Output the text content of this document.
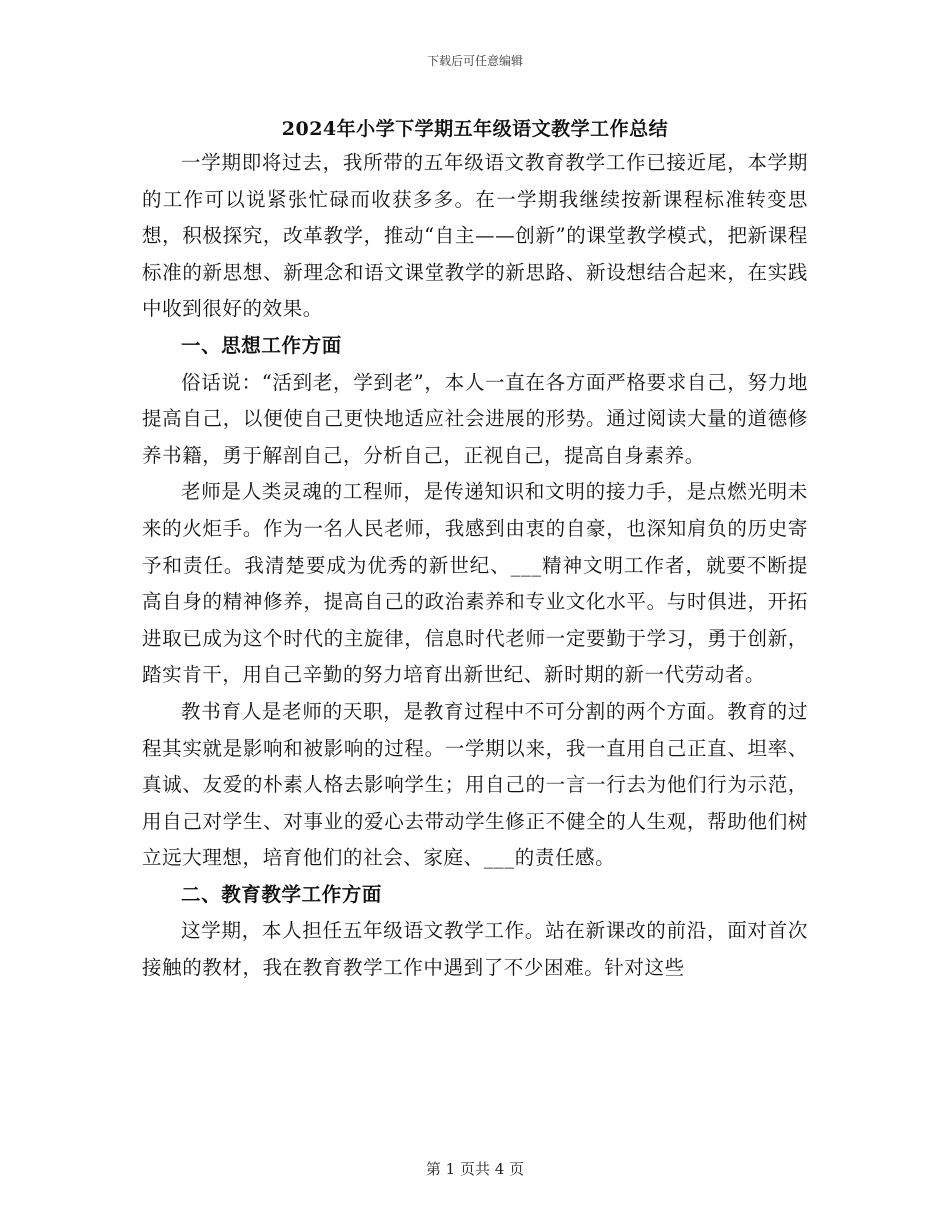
下载后可任意编辑
2024年小学下学期五年级语文教学工作总结

一学期即将过去，我所带的五年级语文教育教学工作已接近尾，本学期的工作可以说紧张忙碌而收获多多。在一学期我继续按新课程标准转变思想，积极探究，改革教学，推动“自主——创新”的课堂教学模式，把新课程标准的新思想、新理念和语文课堂教学的新思路、新设想结合起来，在实践中收到很好的效果。

一、思想工作方面

俗话说：“活到老，学到老”，本人一直在各方面严格要求自己，努力地提高自己，以便使自己更快地适应社会进展的形势。通过阅读大量的道德修养书籍，勇于解剖自己，分析自己，正视自己，提高自身素养。

老师是人类灵魂的工程师，是传递知识和文明的接力手，是点燃光明未来的火炬手。作为一名人民老师，我感到由衷的自豪，也深知肩负的历史寄予和责任。我清楚要成为优秀的新世纪、___精神文明工作者，就要不断提高自身的精神修养，提高自己的政治素养和专业文化水平。与时俱进，开拓进取已成为这个时代的主旋律，信息时代老师一定要勤于学习，勇于创新，踏实肯干，用自己辛勤的努力培育出新世纪、新时期的新一代劳动者。

教书育人是老师的天职，是教育过程中不可分割的两个方面。教育的过程其实就是影响和被影响的过程。一学期以来，我一直用自己正直、坦率、真诚、友爱的朴素人格去影响学生；用自己的一言一行去为他们行为示范，用自己对学生、对事业的爱心去带动学生修正不健全的人生观，帮助他们树立远大理想，培育他们的社会、家庭、___的责任感。

二、教育教学工作方面

这学期，本人担任五年级语文教学工作。站在新课改的前沿，面对首次接触的教材，我在教育教学工作中遇到了不少困难。针对这些

第 1 页共 4 页
